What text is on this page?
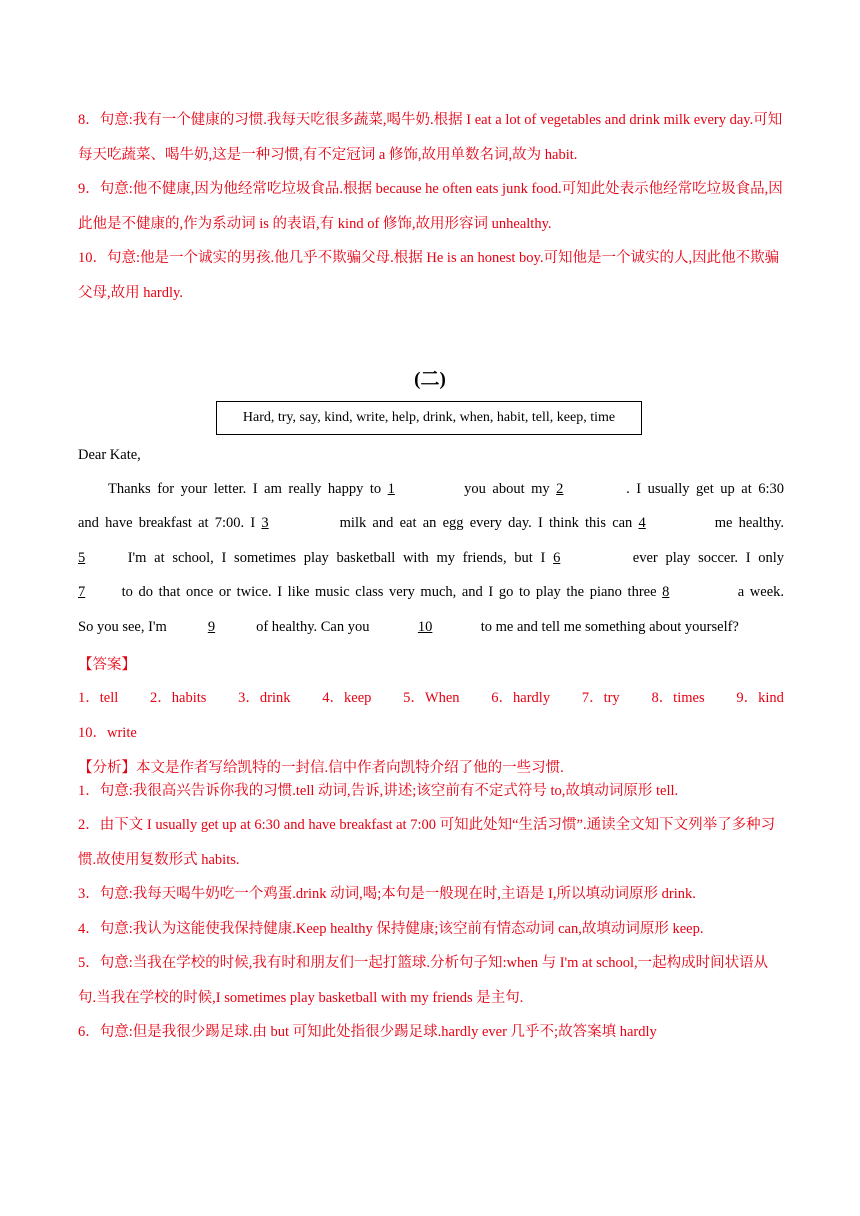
8．句意:我有一个健康的习惯.我每天吃很多蔬菜,喝牛奶.根据 I eat a lot of vegetables and drink milk every day.可知每天吃蔬菜、喝牛奶,这是一种习惯,有不定冠词 a 修饰,故用单数名词,故为 habit.
9．句意:他不健康,因为他经常吃垃圾食品.根据 because he often eats junk food.可知此处表示他经常吃垃圾食品,因此他是不健康的,作为系动词 is 的表语,有 kind of 修饰,故用形容词 unhealthy.
10．句意:他是一个诚实的男孩.他几乎不欺骗父母.根据 He is an honest boy.可知他是一个诚实的人,因此他不欺骗父母,故用 hardly.
(二)
Hard, try, say, kind, write, help, drink, when, habit, tell, keep, time
Dear Kate,
Thanks for your letter. I am really happy to 1	you about my 2	. I usually get up at 6:30
and have breakfast at 7:00. I 3	milk and eat an egg every day. I think this can 4	me healthy.
5	I'm at school, I sometimes play basketball with my friends, but I 6	ever play soccer. I only
7	to do that once or twice. I like music class very much, and I go to play the piano three 8	a week.
So you see, I'm	9	of healthy. Can you	10	to me and tell me something about yourself?
【答案】
1．tell 2．habits 3．drink 4．keep 5．When 6．hardly 7．try 8．times 9．kind
10．write
【分析】本文是作者写给凯特的一封信.信中作者向凯特介绍了他的一些习惯.
1．句意:我很高兴告诉你我的习惯.tell 动词,告诉,讲述;该空前有不定式符号 to,故填动词原形 tell.
2．由下文 I usually get up at 6:30 and have breakfast at 7:00 可知此处知“生活习惯”.通读全文知下文列举了多种习惯.故使用复数形式 habits.
3．句意:我每天喝牛奶吃一个鸡蛋.drink 动词,喝;本句是一般现在时,主语是 I,所以填动词原形 drink.
4．句意:我认为这能使我保持健康.Keep healthy 保持健康;该空前有情态动词 can,故填动词原形 keep.
5．句意:当我在学校的时候,我有时和朋友们一起打篮球.分析句子知:when 与 I'm at school,一起构成时间状语从句.当我在学校的时候,I sometimes play basketball with my friends 是主句.
6．句意:但是我很少踢足球.由 but 可知此处指很少踢足球.hardly ever 几乎不;故答案填 hardly
